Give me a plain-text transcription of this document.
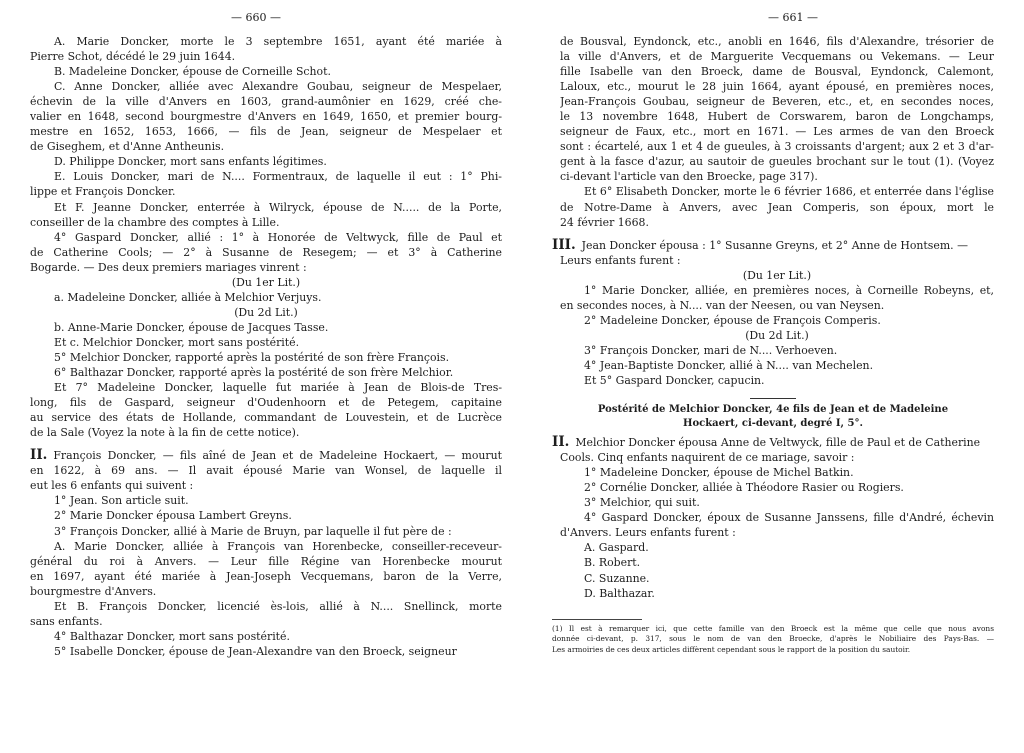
— 660 —
A. Marie Doncker, morte le 3 septembre 1651, ayant été mariée à
Pierre Schot, décédé le 29 juin 1644.
B. Madeleine Doncker, épouse de Corneille Schot.
C. Anne Doncker, alliée avec Alexandre Goubau, seigneur de Mespelaer,
échevin de la ville d'Anvers en 1603, grand-aumônier en 1629, créé che-
valier en 1648, second bourgmestre d'Anvers en 1649, 1650, et premier bourg-
mestre en 1652, 1653, 1666, — fils de Jean, seigneur de Mespelaer et
de Giseghem, et d'Anne Antheunis.
D. Philippe Doncker, mort sans enfants légitimes.
E. Louis Doncker, mari de N.... Formentraux, de laquelle il eut : 1° Phi-
lippe et François Doncker.
Et F. Jeanne Doncker, enterrée à Wilryck, épouse de N..... de la Porte,
conseiller de la chambre des comptes à Lille.
4° Gaspard Doncker, allié : 1° à Honorée de Veltwyck, fille de Paul et
de Catherine Cools; — 2° à Susanne de Resegem; — et 3° à Catherine
Bogarde. — Des deux premiers mariages vinrent :
(Du 1er Lit.)
a. Madeleine Doncker, alliée à Melchior Verjuys.
(Du 2d Lit.)
b. Anne-Marie Doncker, épouse de Jacques Tasse.
Et c. Melchior Doncker, mort sans postérité.
5° Melchior Doncker, rapporté après la postérité de son frère François.
6° Balthazar Doncker, rapporté après la postérité de son frère Melchior.
Et 7° Madeleine Doncker, laquelle fut mariée à Jean de Blois-de Tres-
long, fils de Gaspard, seigneur d'Oudenhoorn et de Petegem, capitaine
au service des états de Hollande, commandant de Louvestein, et de Lucrèce
de la Sale (Voyez la note à la fin de cette notice).
II. François Doncker, — fils aîné de Jean et de Madeleine Hockaert, — mourut
en 1622, à 69 ans. — Il avait épousé Marie van Wonsel, de laquelle il
eut les 6 enfants qui suivent :
1° Jean. Son article suit.
2° Marie Doncker épousa Lambert Greyns.
3° François Doncker, allié à Marie de Bruyn, par laquelle il fut père de :
A. Marie Doncker, alliée à François van Horenbecke, conseiller-receveur-
général du roi à Anvers. — Leur fille Régine van Horenbecke mourut
en 1697, ayant été mariée à Jean-Joseph Vecquemans, baron de la Verre,
bourgmestre d'Anvers.
Et B. François Doncker, licencié ès-lois, allié à N.... Snellinck, morte
sans enfants.
4° Balthazar Doncker, mort sans postérité.
5° Isabelle Doncker, épouse de Jean-Alexandre van den Broeck, seigneur
— 661 —
de Bousval, Eyndonck, etc., anobli en 1646, fils d'Alexandre, trésorier de
la ville d'Anvers, et de Marguerite Vecquemans ou Vekemans. — Leur
fille Isabelle van den Broeck, dame de Bousval, Eyndonck, Calemont,
Laloux, etc., mourut le 28 juin 1664, ayant épousé, en premières noces,
Jean-François Goubau, seigneur de Beveren, etc., et, en secondes noces,
le 13 novembre 1648, Hubert de Corswarem, baron de Longchamps,
seigneur de Faux, etc., mort en 1671. — Les armes de van den Broeck
sont : écartelé, aux 1 et 4 de gueules, à 3 croissants d'argent; aux 2 et 3 d'ar-
gent à la fasce d'azur, au sautoir de gueules brochant sur le tout (1). (Voyez
ci-devant l'article van den Broecke, page 317).
Et 6° Elisabeth Doncker, morte le 6 février 1686, et enterrée dans l'église
de Notre-Dame à Anvers, avec Jean Comperis, son époux, mort le
24 février 1668.
III. Jean Doncker épousa : 1° Susanne Greyns, et 2° Anne de Hontsem. —
Leurs enfants furent :
(Du 1er Lit.)
1° Marie Doncker, alliée, en premières noces, à Corneille Robeyns, et,
en secondes noces, à N.... van der Neesen, ou van Neysen.
2° Madeleine Doncker, épouse de François Comperis.
(Du 2d Lit.)
3° François Doncker, mari de N.... Verhoeven.
4° Jean-Baptiste Doncker, allié à N.... van Mechelen.
Et 5° Gaspard Doncker, capucin.
Postérité de Melchior Doncker, 4e fils de Jean et de Madeleine
Hockaert, ci-devant, degré I, 5°.
II. Melchior Doncker épousa Anne de Veltwyck, fille de Paul et de Catherine
Cools. Cinq enfants naquirent de ce mariage, savoir :
1° Madeleine Doncker, épouse de Michel Batkin.
2° Cornélie Doncker, alliée à Théodore Rasier ou Rogiers.
3° Melchior, qui suit.
4° Gaspard Doncker, époux de Susanne Janssens, fille d'André, échevin
d'Anvers. Leurs enfants furent :
A. Gaspard.
B. Robert.
C. Suzanne.
D. Balthazar.
(1) Il est à remarquer ici, que cette famille van den Broeck est la même que celle que nous avons
donnée ci-devant, p. 317, sous le nom de van den Broecke, d'après le Nobiliaire des Pays-Bas. —
Les armoiries de ces deux articles diffèrent cependant sous le rapport de la position du sautoir.
